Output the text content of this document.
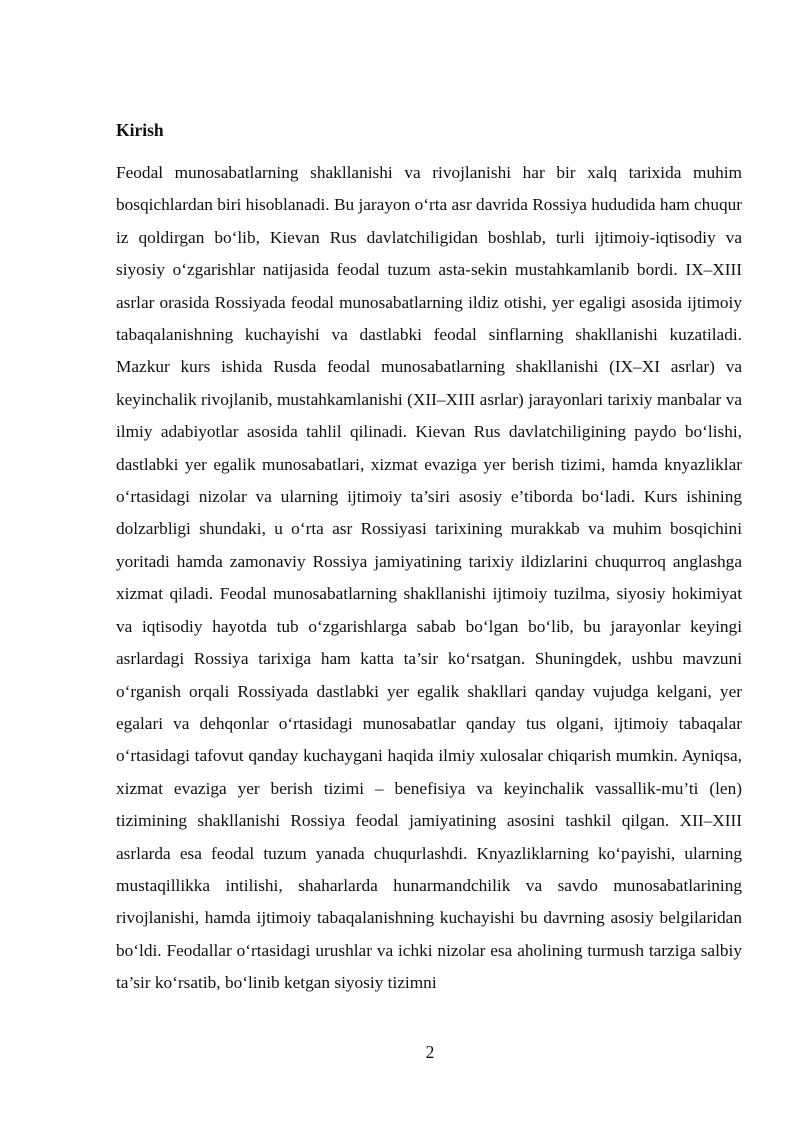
Kirish

Feodal munosabatlarning shakllanishi va rivojlanishi har bir xalq tarixida muhim bosqichlardan biri hisoblanadi. Bu jarayon o‘rta asr davrida Rossiya hududida ham chuqur iz qoldirgan bo‘lib, Kievan Rus davlatchiligidan boshlab, turli ijtimoiy-iqtisodiy va siyosiy o‘zgarishlar natijasida feodal tuzum asta-sekin mustahkamlanib bordi. IX–XIII asrlar orasida Rossiyada feodal munosabatlarning ildiz otishi, yer egaligi asosida ijtimoiy tabaqalanishning kuchayishi va dastlabki feodal sinflarning shakllanishi kuzatiladi. Mazkur kurs ishida Rusda feodal munosabatlarning shakllanishi (IX–XI asrlar) va keyinchalik rivojlanib, mustahkamlanishi (XII–XIII asrlar) jarayonlari tarixiy manbalar va ilmiy adabiyotlar asosida tahlil qilinadi. Kievan Rus davlatchiligining paydo bo‘lishi, dastlabki yer egalik munosabatlari, xizmat evaziga yer berish tizimi, hamda knyazliklar o‘rtasidagi nizolar va ularning ijtimoiy ta’siri asosiy e’tiborda bo‘ladi. Kurs ishining dolzarbligi shundaki, u o‘rta asr Rossiyasi tarixining murakkab va muhim bosqichini yoritadi hamda zamonaviy Rossiya jamiyatining tarixiy ildizlarini chuqurroq anglashga xizmat qiladi. Feodal munosabatlarning shakllanishi ijtimoiy tuzilma, siyosiy hokimiyat va iqtisodiy hayotda tub o‘zgarishlarga sabab bo‘lgan bo‘lib, bu jarayonlar keyingi asrlardagi Rossiya tarixiga ham katta ta’sir ko‘rsatgan. Shuningdek, ushbu mavzuni o‘rganish orqali Rossiyada dastlabki yer egalik shakllari qanday vujudga kelgani, yer egalari va dehqonlar o‘rtasidagi munosabatlar qanday tus olgani, ijtimoiy tabaqalar o‘rtasidagi tafovut qanday kuchaygani haqida ilmiy xulosalar chiqarish mumkin. Ayniqsa, xizmat evaziga yer berish tizimi – benefisiya va keyinchalik vassallik-mu’ti (len) tizimining shakllanishi Rossiya feodal jamiyatining asosini tashkil qilgan. XII–XIII asrlarda esa feodal tuzum yanada chuqurlashdi. Knyazliklarning ko‘payishi, ularning mustaqillikka intilishi, shaharlarda hunarmandchilik va savdo munosabatlarining rivojlanishi, hamda ijtimoiy tabaqalanishning kuchayishi bu davrning asosiy belgilaridan bo‘ldi. Feodallar o‘rtasidagi urushlar va ichki nizolar esa aholining turmush tarziga salbiy ta’sir ko‘rsatib, bo‘linib ketgan siyosiy tizimni

2
